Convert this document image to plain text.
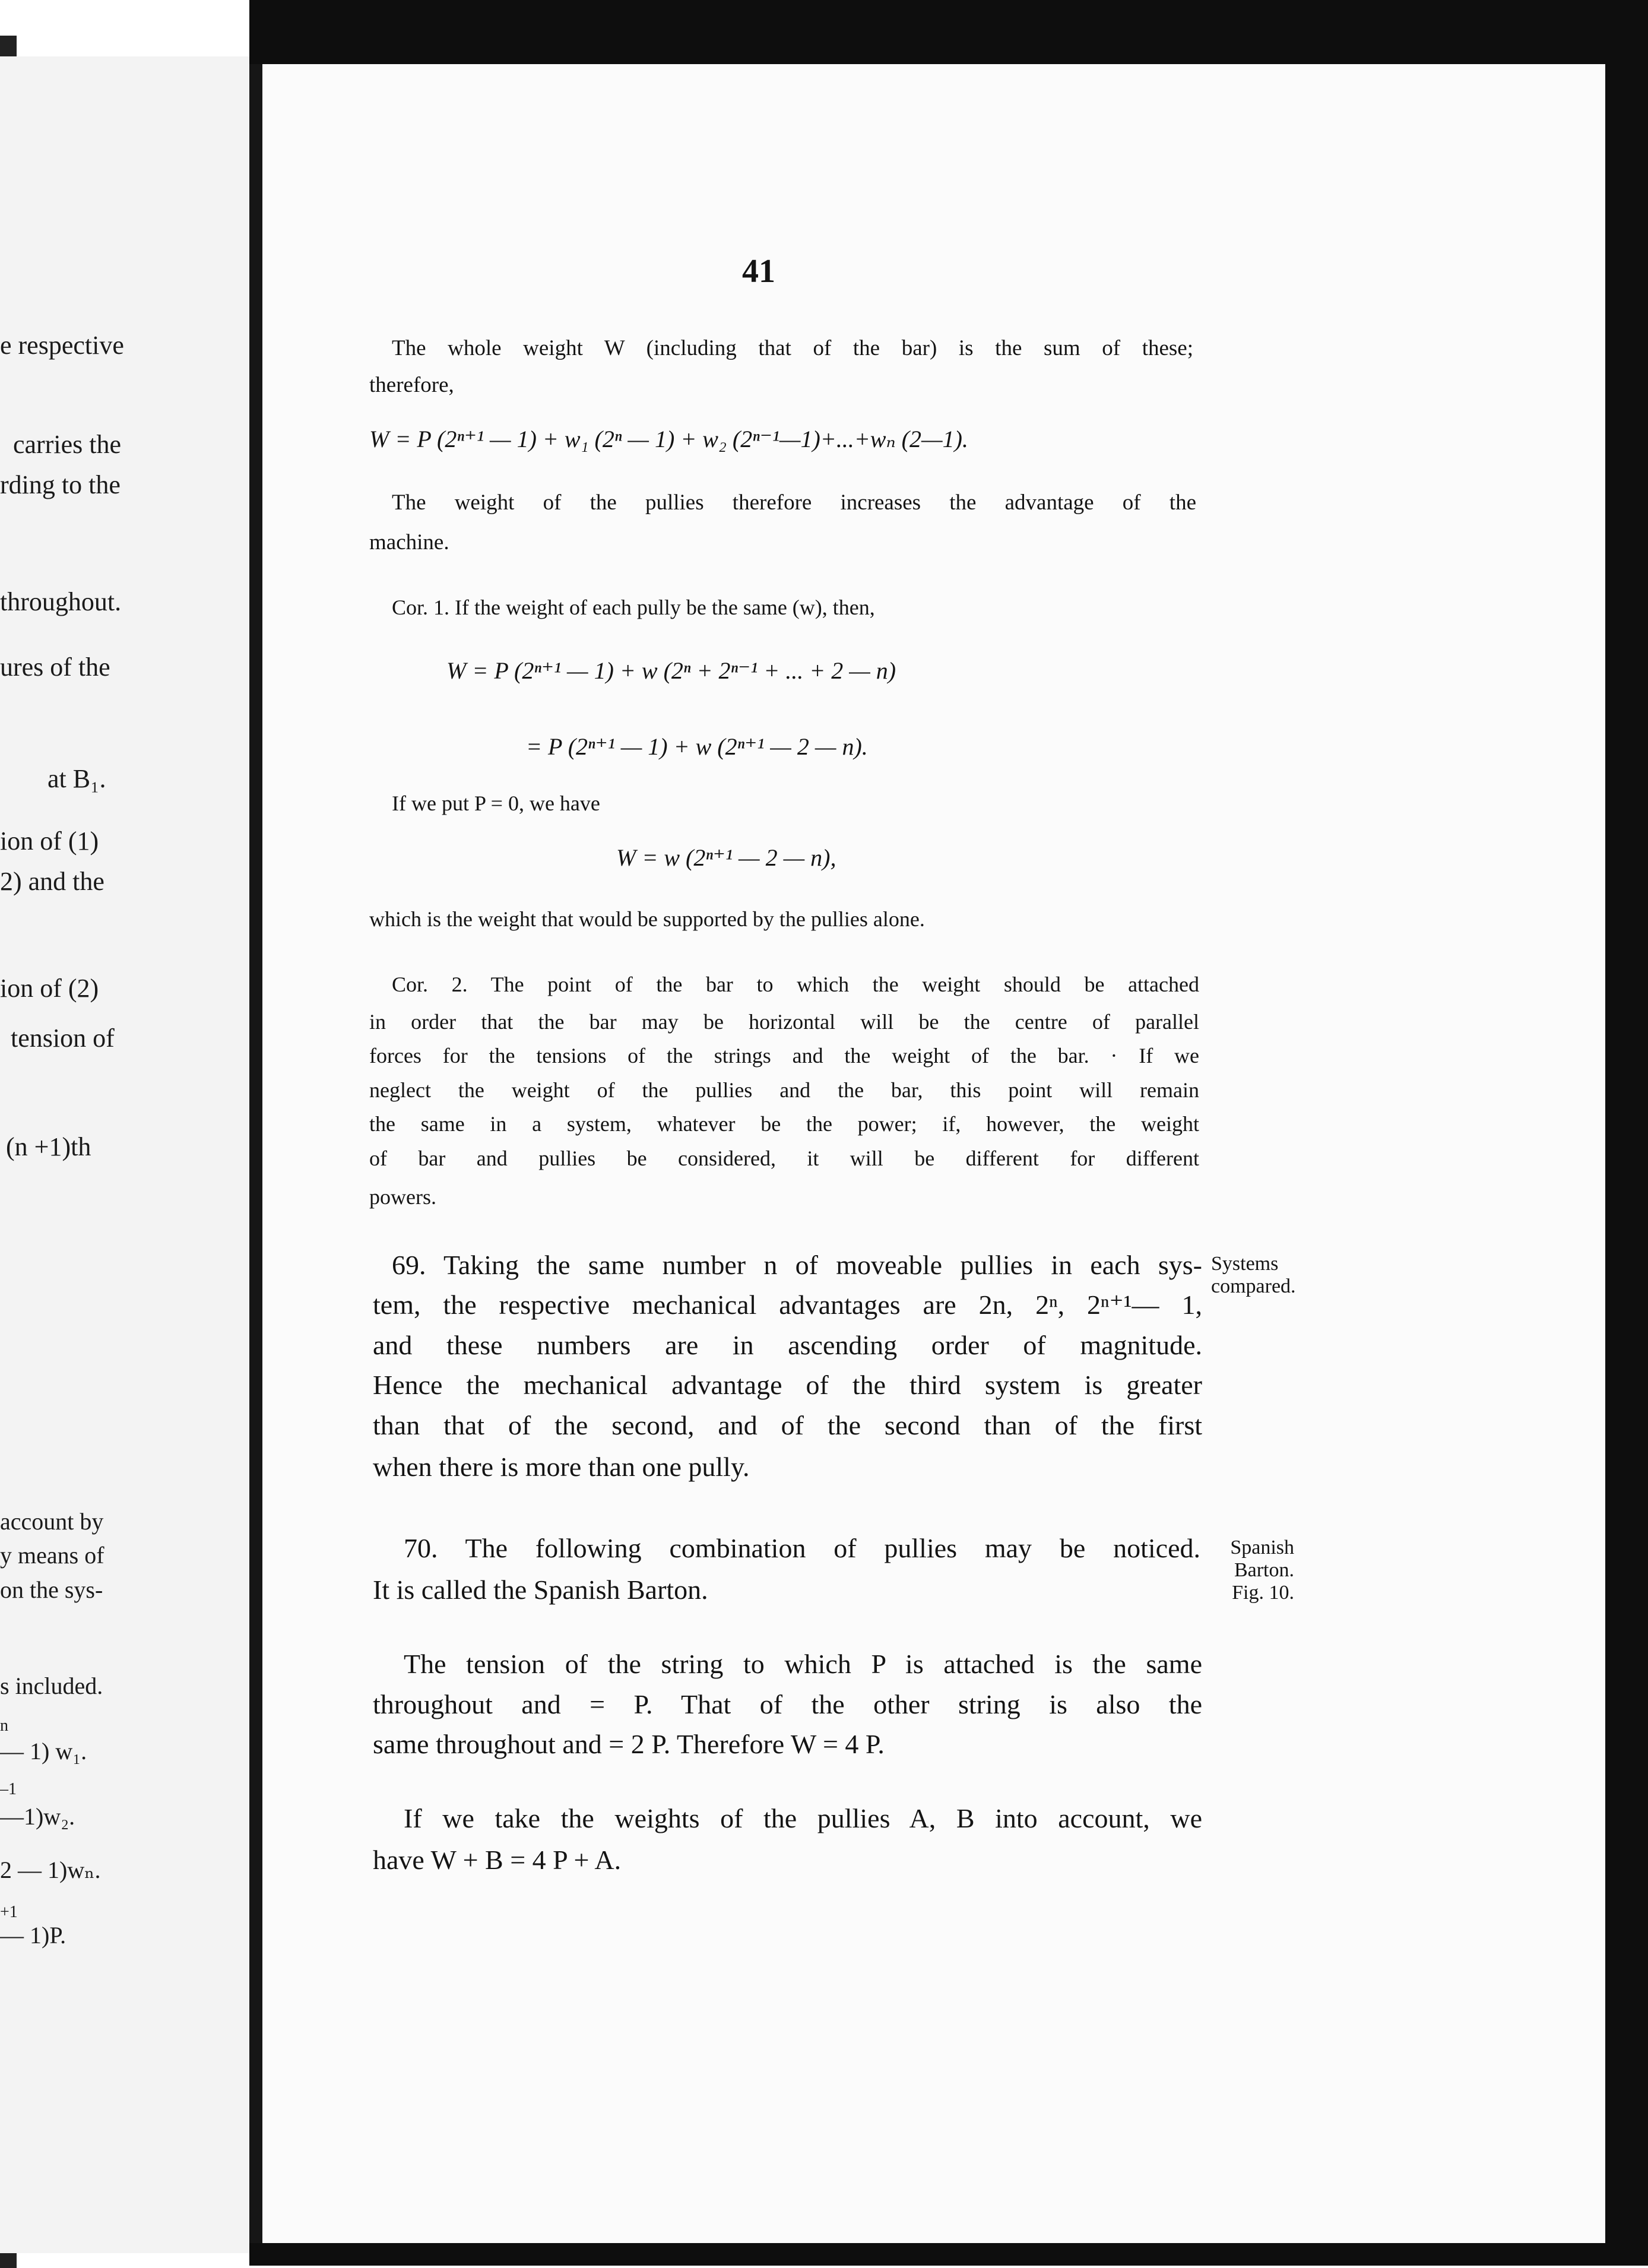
e respective
carries the
rding to the
throughout.
ures of the
at B₁.
ion of (1)
2) and the
ion of (2)
tension of
(n +1)th
account by
y means of
on the sys-
s included.
n
— 1) w₁.
–1
—1)w₂.
2 — 1)wₙ.
+1
— 1)P.
41
The whole weight W (including that of the bar) is the sum of these;
therefore,
W = P (2ⁿ⁺¹ — 1) + w₁ (2ⁿ — 1) + w₂ (2ⁿ⁻¹—1)+...+wₙ (2—1).
The weight of the pullies therefore increases the advantage of the
machine.
Cor. 1. If the weight of each pully be the same (w), then,
W = P (2ⁿ⁺¹ — 1) + w (2ⁿ + 2ⁿ⁻¹ + ... + 2 — n)
= P (2ⁿ⁺¹ — 1) + w (2ⁿ⁺¹ — 2 — n).
If we put P = 0, we have
W = w (2ⁿ⁺¹ — 2 — n),
which is the weight that would be supported by the pullies alone.
Cor. 2. The point of the bar to which the weight should be attached
in order that the bar may be horizontal will be the centre of parallel
forces for the tensions of the strings and the weight of the bar. · If we
neglect the weight of the pullies and the bar, this point will remain
the same in a system, whatever be the power; if, however, the weight
of bar and pullies be considered, it will be different for different
powers.
69. Taking the same number n of moveable pullies in each sys-
tem, the respective mechanical advantages are 2n, 2ⁿ, 2ⁿ⁺¹— 1,
and these numbers are in ascending order of magnitude.
Hence the mechanical advantage of the third system is greater
than that of the second, and of the second than of the first
when there is more than one pully.
Systems
compared.
70. The following combination of pullies may be noticed.
It is called the Spanish Barton.
Spanish
Barton.
Fig. 10.
The tension of the string to which P is attached is the same
throughout and = P. That of the other string is also the
same throughout and = 2 P. Therefore W = 4 P.
If we take the weights of the pullies A, B into account, we
have W + B = 4 P + A.
